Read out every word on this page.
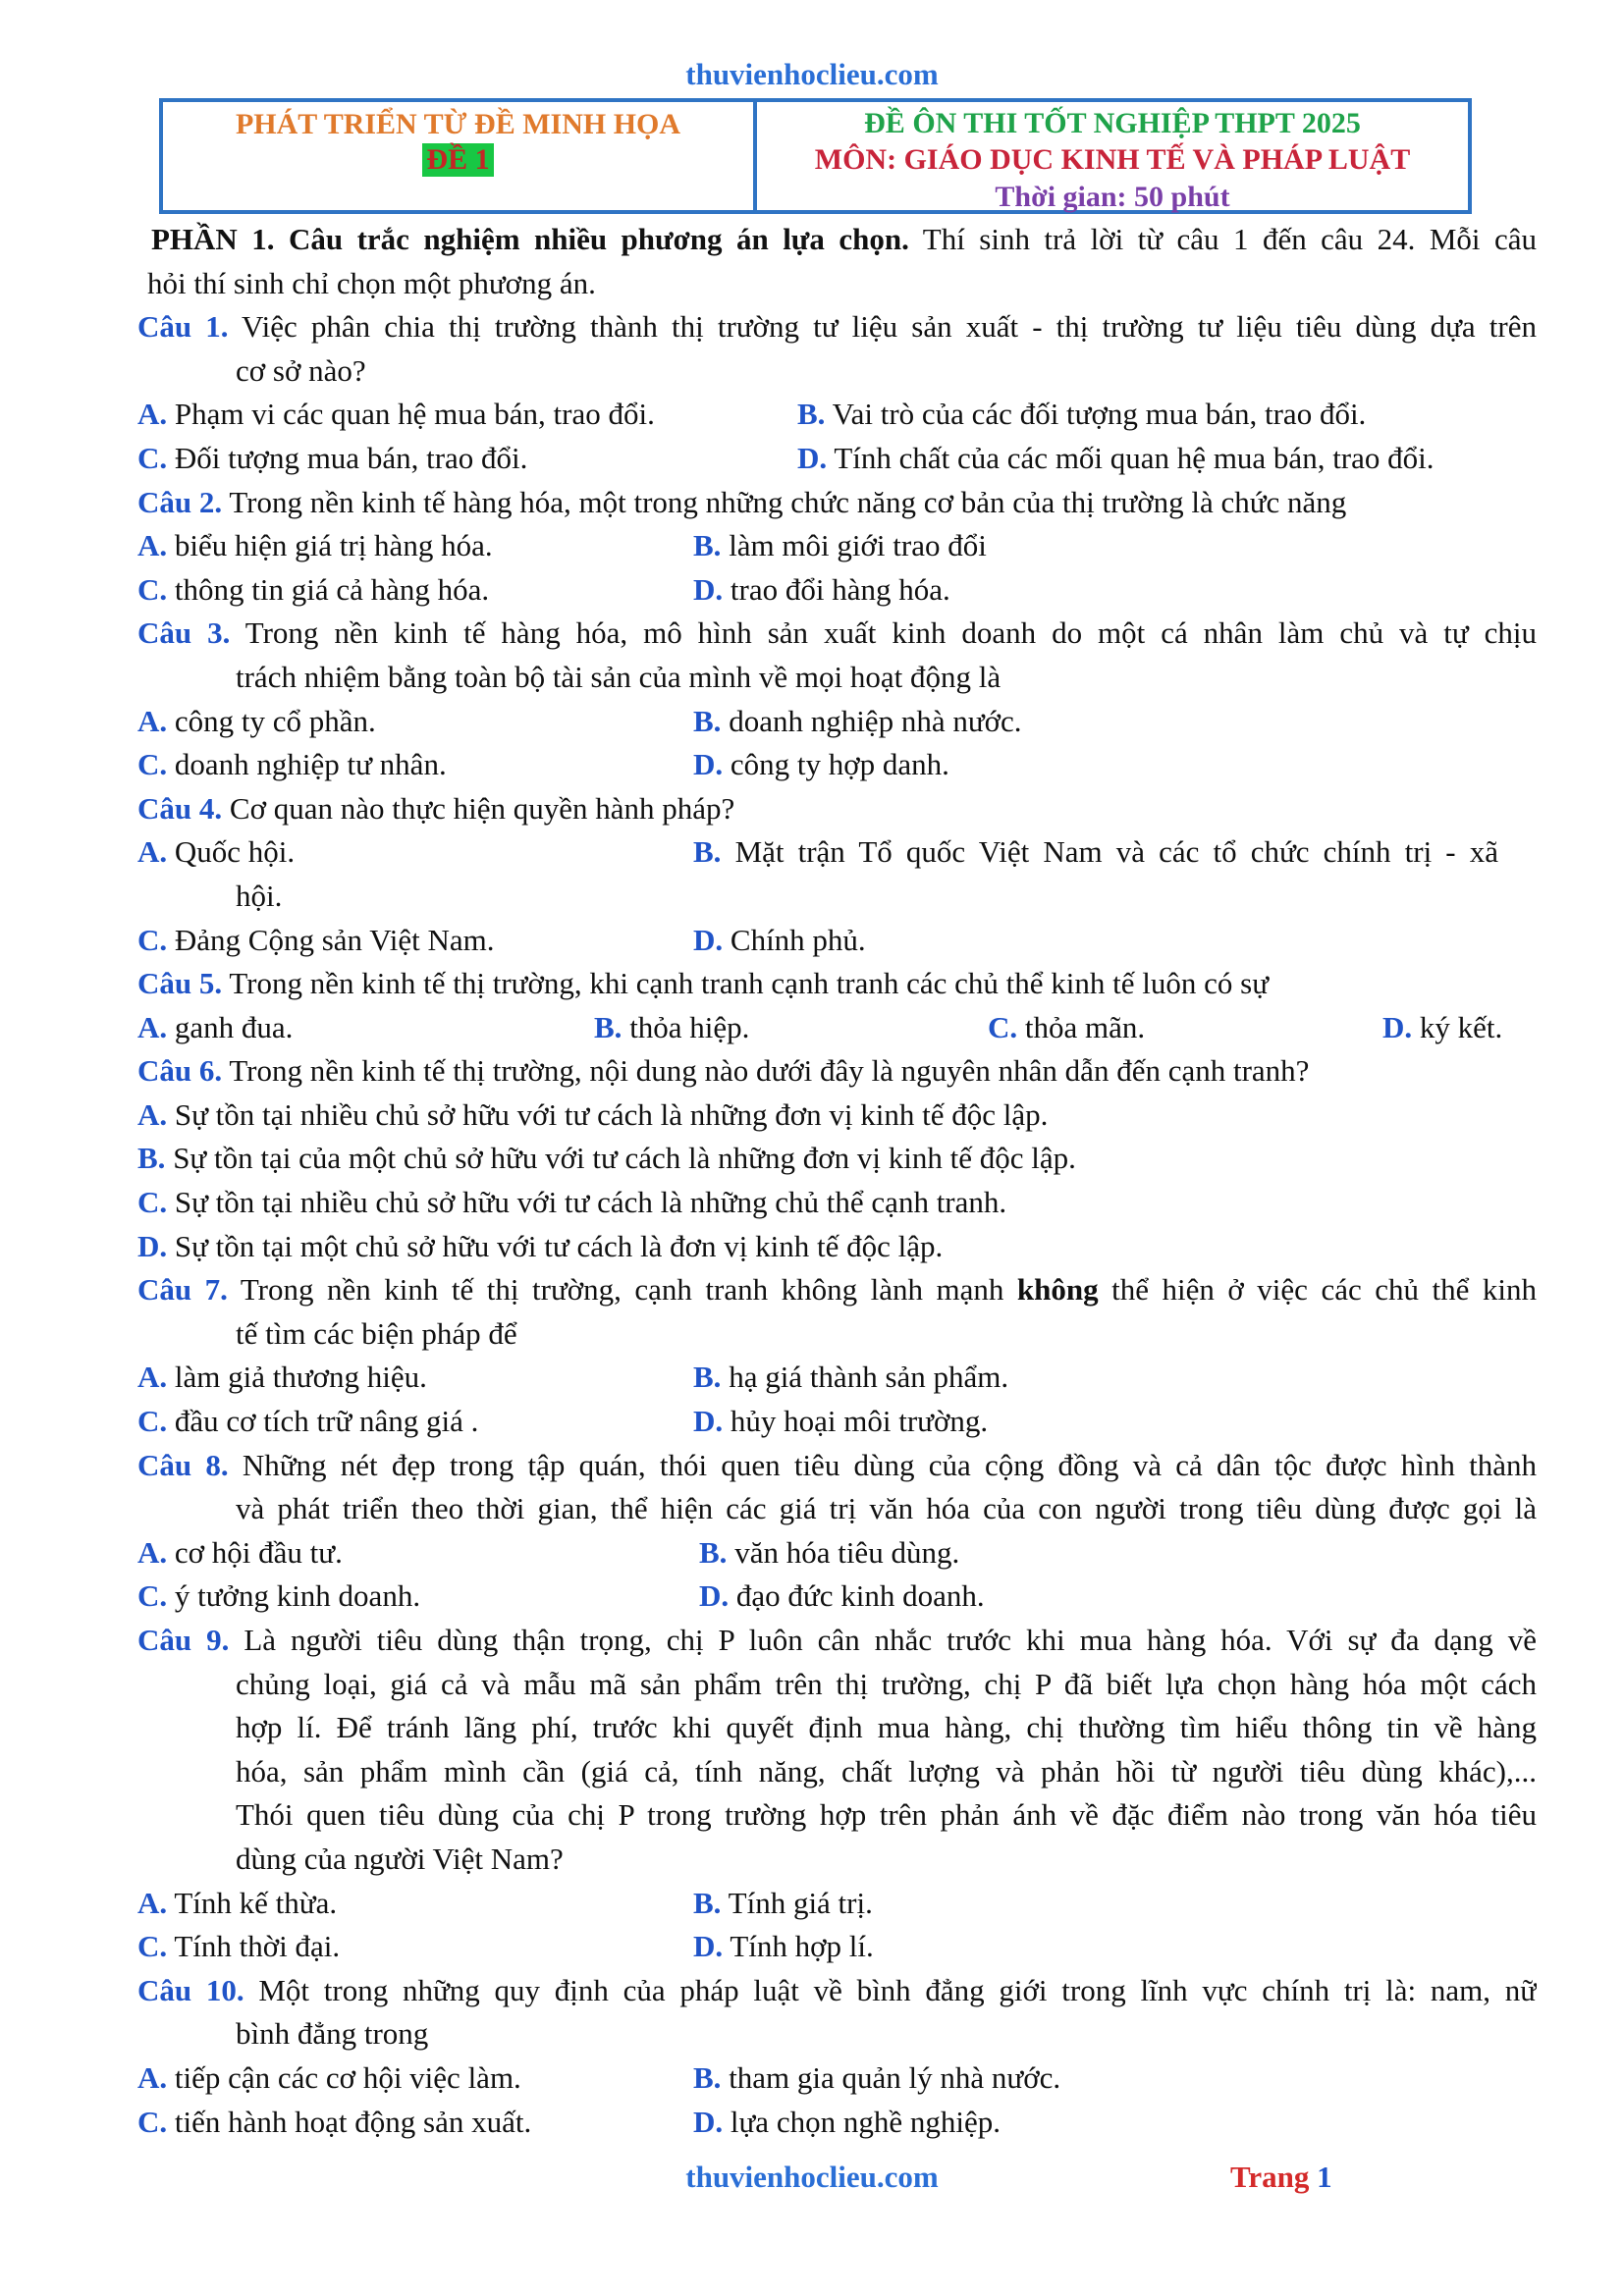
thuvienhoclieu.com
PHÁT TRIỂN TỪ ĐỀ MINH HỌA
ĐỀ 1
ĐỀ ÔN THI TỐT NGHIỆP THPT 2025
MÔN: GIÁO DỤC KINH TẾ VÀ PHÁP LUẬT
Thời gian: 50 phút
PHẦN 1. Câu trắc nghiệm nhiều phương án lựa chọn. Thí sinh trả lời từ câu 1 đến câu 24. Mỗi câu
hỏi thí sinh chỉ chọn một phương án.
Câu 1. Việc phân chia thị trường thành thị trường tư liệu sản xuất - thị trường tư liệu tiêu dùng dựa trên
cơ sở nào?
A. Phạm vi các quan hệ mua bán, trao đổi.	B. Vai trò của các đối tượng mua bán, trao đổi.
C. Đối tượng mua bán, trao đổi.	D. Tính chất của các mối quan hệ mua bán, trao đổi.
Câu 2. Trong nền kinh tế hàng hóa, một trong những chức năng cơ bản của thị trường là chức năng
A. biểu hiện giá trị hàng hóa.	B. làm môi giới trao đổi
C. thông tin giá cả hàng hóa.	D. trao đổi hàng hóa.
Câu 3. Trong nền kinh tế hàng hóa, mô hình sản xuất kinh doanh do một cá nhân làm chủ và tự chịu
trách nhiệm bằng toàn bộ tài sản của mình về mọi hoạt động là
A. công ty cổ phần.	B. doanh nghiệp nhà nước.
C. doanh nghiệp tư nhân.	D. công ty hợp danh.
Câu 4. Cơ quan nào thực hiện quyền hành pháp?
A. Quốc hội.	B. Mặt trận Tổ quốc Việt Nam và các tổ chức chính trị - xã
hội.
C. Đảng Cộng sản Việt Nam.	D. Chính phủ.
Câu 5. Trong nền kinh tế thị trường, khi cạnh tranh cạnh tranh các chủ thể kinh tế luôn có sự
A. ganh đua.	B. thỏa hiệp.	C. thỏa mãn.	D. ký kết.
Câu 6. Trong nền kinh tế thị trường, nội dung nào dưới đây là nguyên nhân dẫn đến cạnh tranh?
A. Sự tồn tại nhiều chủ sở hữu với tư cách là những đơn vị kinh tế độc lập.
B. Sự tồn tại của một chủ sở hữu với tư cách là những đơn vị kinh tế độc lập.
C. Sự tồn tại nhiều chủ sở hữu với tư cách là những chủ thể cạnh tranh.
D. Sự tồn tại một chủ sở hữu với tư cách là đơn vị kinh tế độc lập.
Câu 7. Trong nền kinh tế thị trường, cạnh tranh không lành mạnh không thể hiện ở việc các chủ thể kinh
tế tìm các biện pháp để
A. làm giả thương hiệu.	B. hạ giá thành sản phẩm.
C. đầu cơ tích trữ nâng giá .	D. hủy hoại môi trường.
Câu 8. Những nét đẹp trong tập quán, thói quen tiêu dùng của cộng đồng và cả dân tộc được hình thành
và phát triển theo thời gian, thể hiện các giá trị văn hóa của con người trong tiêu dùng được gọi là
A. cơ hội đầu tư.	B. văn hóa tiêu dùng.
C. ý tưởng kinh doanh.	D. đạo đức kinh doanh.
Câu 9. Là người tiêu dùng thận trọng, chị P luôn cân nhắc trước khi mua hàng hóa. Với sự đa dạng về
chủng loại, giá cả và mẫu mã sản phẩm trên thị trường, chị P đã biết lựa chọn hàng hóa một cách
hợp lí. Để tránh lãng phí, trước khi quyết định mua hàng, chị thường tìm hiểu thông tin về hàng
hóa, sản phẩm mình cần (giá cả, tính năng, chất lượng và phản hồi từ người tiêu dùng khác),...
Thói quen tiêu dùng của chị P trong trường hợp trên phản ánh về đặc điểm nào trong văn hóa tiêu
dùng của người Việt Nam?
A. Tính kế thừa.	B. Tính giá trị.
C. Tính thời đại.	D. Tính hợp lí.
Câu 10. Một trong những quy định của pháp luật về bình đẳng giới trong lĩnh vực chính trị là: nam, nữ
bình đẳng trong
A. tiếp cận các cơ hội việc làm.	B. tham gia quản lý nhà nước.
C. tiến hành hoạt động sản xuất.	D. lựa chọn nghề nghiệp.
thuvienhoclieu.com	Trang 1
